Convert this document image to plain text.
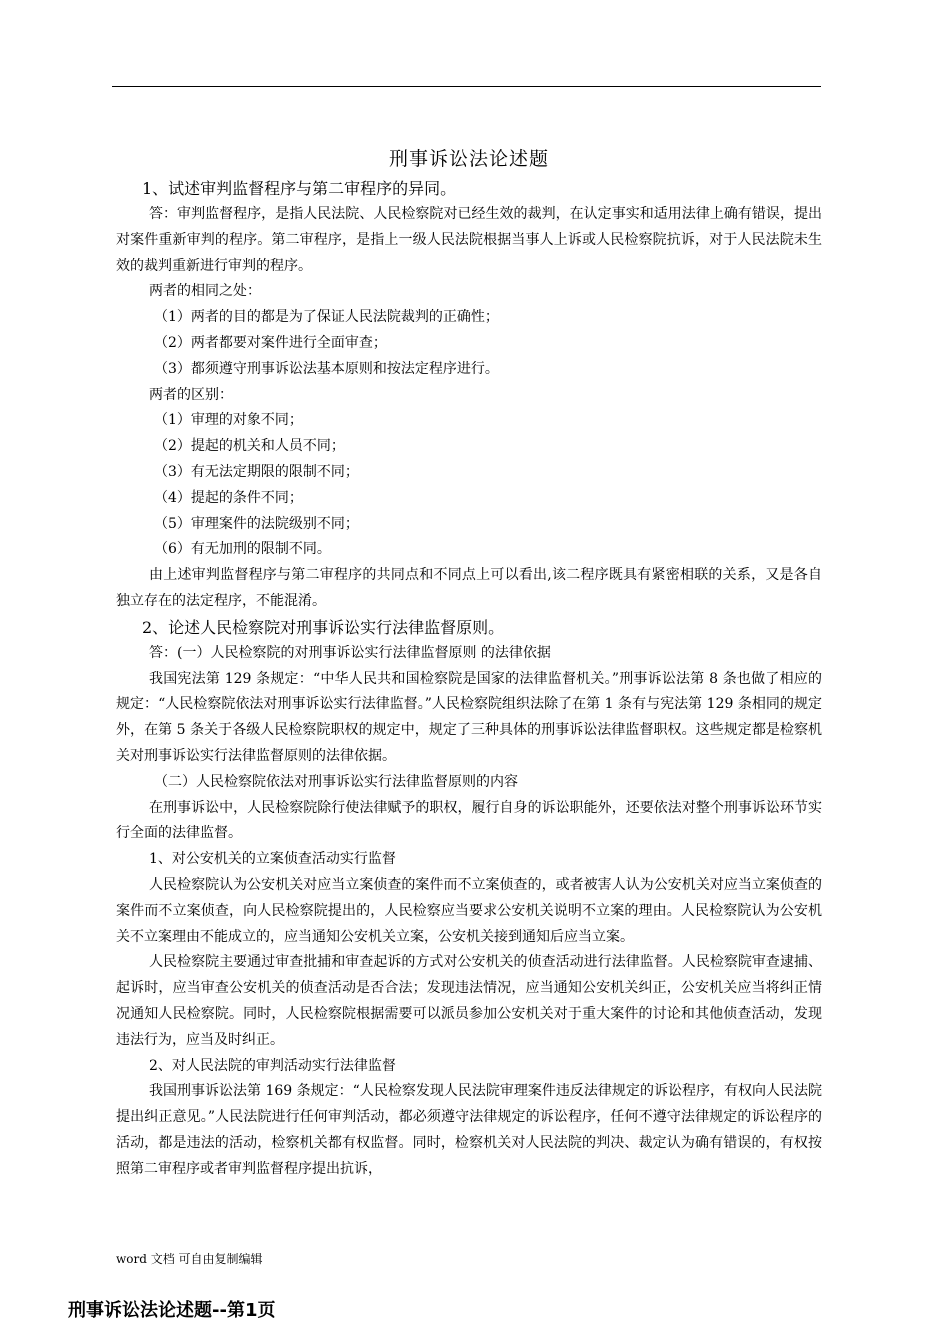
刑事诉讼法论述题
1、试述审判监督程序与第二审程序的异同。
答：审判监督程序，是指人民法院、人民检察院对已经生效的裁判，在认定事实和适用法律上确有错误，提出对案件重新审判的程序。第二审程序，是指上一级人民法院根据当事人上诉或人民检察院抗诉，对于人民法院未生效的裁判重新进行审判的程序。
两者的相同之处：
（1）两者的目的都是为了保证人民法院裁判的正确性；
（2）两者都要对案件进行全面审查；
（3）都须遵守刑事诉讼法基本原则和按法定程序进行。
两者的区别：
（1）审理的对象不同；
（2）提起的机关和人员不同；
（3）有无法定期限的限制不同；
（4）提起的条件不同；
（5）审理案件的法院级别不同；
（6）有无加刑的限制不同。
由上述审判监督程序与第二审程序的共同点和不同点上可以看出,该二程序既具有紧密相联的关系，又是各自独立存在的法定程序，不能混淆。
2、论述人民检察院对刑事诉讼实行法律监督原则。
答：(一）人民检察院的对刑事诉讼实行法律监督原则 的法律依据
我国宪法第 129 条规定：“中华人民共和国检察院是国家的法律监督机关。”刑事诉讼法第 8 条也做了相应的规定：“人民检察院依法对刑事诉讼实行法律监督。”人民检察院组织法除了在第 1 条有与宪法第 129 条相同的规定外，在第 5 条关于各级人民检察院职权的规定中，规定了三种具体的刑事诉讼法律监督职权。这些规定都是检察机关对刑事诉讼实行法律监督原则的法律依据。
（二）人民检察院依法对刑事诉讼实行法律监督原则的内容
在刑事诉讼中，人民检察院除行使法律赋予的职权，履行自身的诉讼职能外，还要依法对整个刑事诉讼环节实行全面的法律监督。
1、对公安机关的立案侦查活动实行监督
人民检察院认为公安机关对应当立案侦查的案件而不立案侦查的，或者被害人认为公安机关对应当立案侦查的案件而不立案侦查，向人民检察院提出的，人民检察应当要求公安机关说明不立案的理由。人民检察院认为公安机关不立案理由不能成立的，应当通知公安机关立案，公安机关接到通知后应当立案。
人民检察院主要通过审查批捕和审查起诉的方式对公安机关的侦查活动进行法律监督。人民检察院审查逮捕、起诉时，应当审查公安机关的侦查活动是否合法；发现违法情况，应当通知公安机关纠正，公安机关应当将纠正情况通知人民检察院。同时，人民检察院根据需要可以派员参加公安机关对于重大案件的讨论和其他侦查活动，发现违法行为，应当及时纠正。
2、对人民法院的审判活动实行法律监督
我国刑事诉讼法第 169 条规定：“人民检察发现人民法院审理案件违反法律规定的诉讼程序，有权向人民法院提出纠正意见。”人民法院进行任何审判活动，都必须遵守法律规定的诉讼程序，任何不遵守法律规定的诉讼程序的活动，都是违法的活动，检察机关都有权监督。同时，检察机关对人民法院的判决、裁定认为确有错误的，有权按照第二审程序或者审判监督程序提出抗诉，
word 文档 可自由复制编辑
刑事诉讼法论述题--第1页
